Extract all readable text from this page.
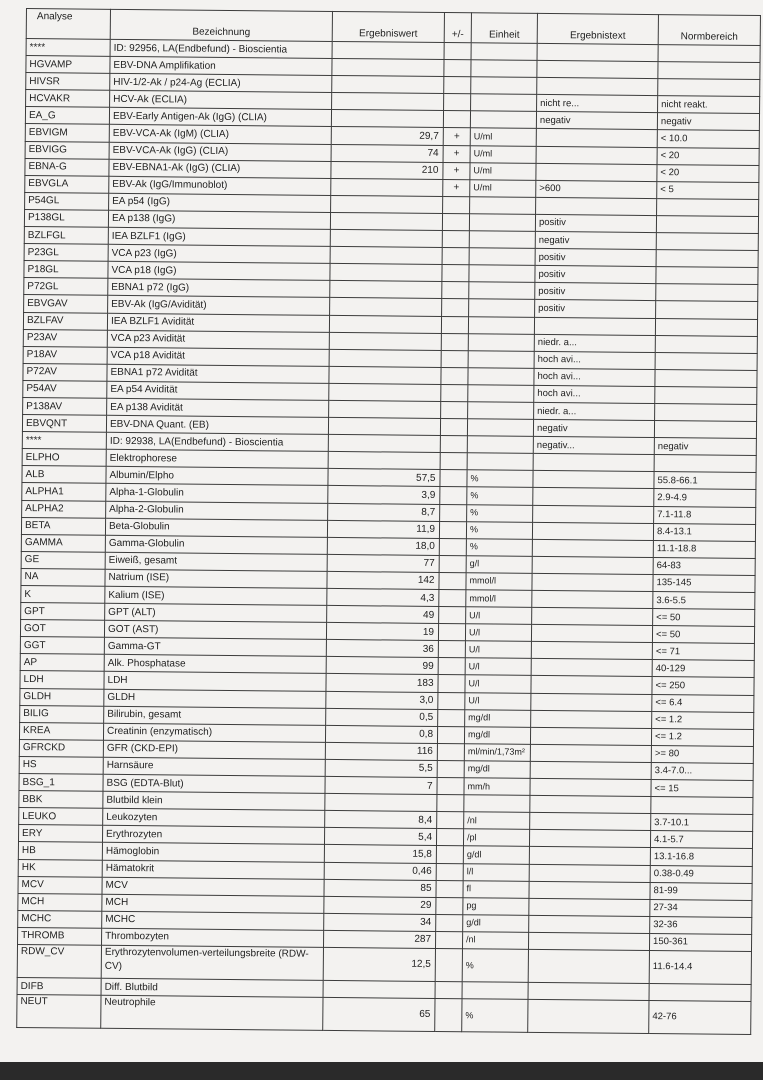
Analyse	Bezeichnung	Ergebniswert	+/-	Einheit	Ergebnistext	Normbereich
****	ID: 92956, LA(Endbefund) - Bioscientia					
HGVAMP	EBV-DNA Amplifikation					
HIVSR	HIV-1/2-Ak / p24-Ag (ECLIA)					
HCVAKR	HCV-Ak (ECLIA)				nicht re...	nicht reakt.
EA_G	EBV-Early Antigen-Ak (IgG) (CLIA)				negativ	negativ
EBVIGM	EBV-VCA-Ak (IgM) (CLIA)	29,7	+	U/ml		< 10.0
EBVIGG	EBV-VCA-Ak (IgG) (CLIA)	74	+	U/ml		< 20
EBNA-G	EBV-EBNA1-Ak (IgG) (CLIA)	210	+	U/ml		< 20
EBVGLA	EBV-Ak (IgG/Immunoblot)		+	U/ml	>600	< 5
P54GL	EA p54 (IgG)					
P138GL	EA p138 (IgG)				positiv	
BZLFGL	IEA BZLF1 (IgG)				negativ	
P23GL	VCA p23 (IgG)				positiv	
P18GL	VCA p18 (IgG)				positiv	
P72GL	EBNA1 p72 (IgG)				positiv	
EBVGAV	EBV-Ak (IgG/Avidität)				positiv	
BZLFAV	IEA BZLF1 Avidität					
P23AV	VCA p23 Avidität				niedr. a...	
P18AV	VCA p18 Avidität				hoch avi...	
P72AV	EBNA1 p72 Avidität				hoch avi...	
P54AV	EA p54 Avidität				hoch avi...	
P138AV	EA p138 Avidität				niedr. a...	
EBVQNT	EBV-DNA Quant. (EB)				negativ	
****	ID: 92938, LA(Endbefund) - Bioscientia				negativ...	negativ
ELPHO	Elektrophorese					
ALB	Albumin/Elpho	57,5		%		55.8-66.1
ALPHA1	Alpha-1-Globulin	3,9		%		2.9-4.9
ALPHA2	Alpha-2-Globulin	8,7		%		7.1-11.8
BETA	Beta-Globulin	11,9		%		8.4-13.1
GAMMA	Gamma-Globulin	18,0		%		11.1-18.8
GE	Eiweiß, gesamt	77		g/l		64-83
NA	Natrium (ISE)	142		mmol/l		135-145
K	Kalium (ISE)	4,3		mmol/l		3.6-5.5
GPT	GPT (ALT)	49		U/l		<= 50
GOT	GOT (AST)	19		U/l		<= 50
GGT	Gamma-GT	36		U/l		<= 71
AP	Alk. Phosphatase	99		U/l		40-129
LDH	LDH	183		U/l		<= 250
GLDH	GLDH	3,0		U/l		<= 6.4
BILIG	Bilirubin, gesamt	0,5		mg/dl		<= 1.2
KREA	Creatinin (enzymatisch)	0,8		mg/dl		<= 1.2
GFRCKD	GFR (CKD-EPI)	116		ml/min/1,73m²		>= 80
HS	Harnsäure	5,5		mg/dl		3.4-7.0...
BSG_1	BSG (EDTA-Blut)	7		mm/h		<= 15
BBK	Blutbild klein					
LEUKO	Leukozyten	8,4		/nl		3.7-10.1
ERY	Erythrozyten	5,4		/pl		4.1-5.7
HB	Hämoglobin	15,8		g/dl		13.1-16.8
HK	Hämatokrit	0,46		l/l		0.38-0.49
MCV	MCV	85		fl		81-99
MCH	MCH	29		pg		27-34
MCHC	MCHC	34		g/dl		32-36
THROMB	Thrombozyten	287		/nl		150-361
RDW_CV	Erythrozytenvolumen-verteilungsbreite (RDW-CV)	12,5		%		11.6-14.4
DIFB	Diff. Blutbild					
NEUT	Neutrophile	65		%		42-76
